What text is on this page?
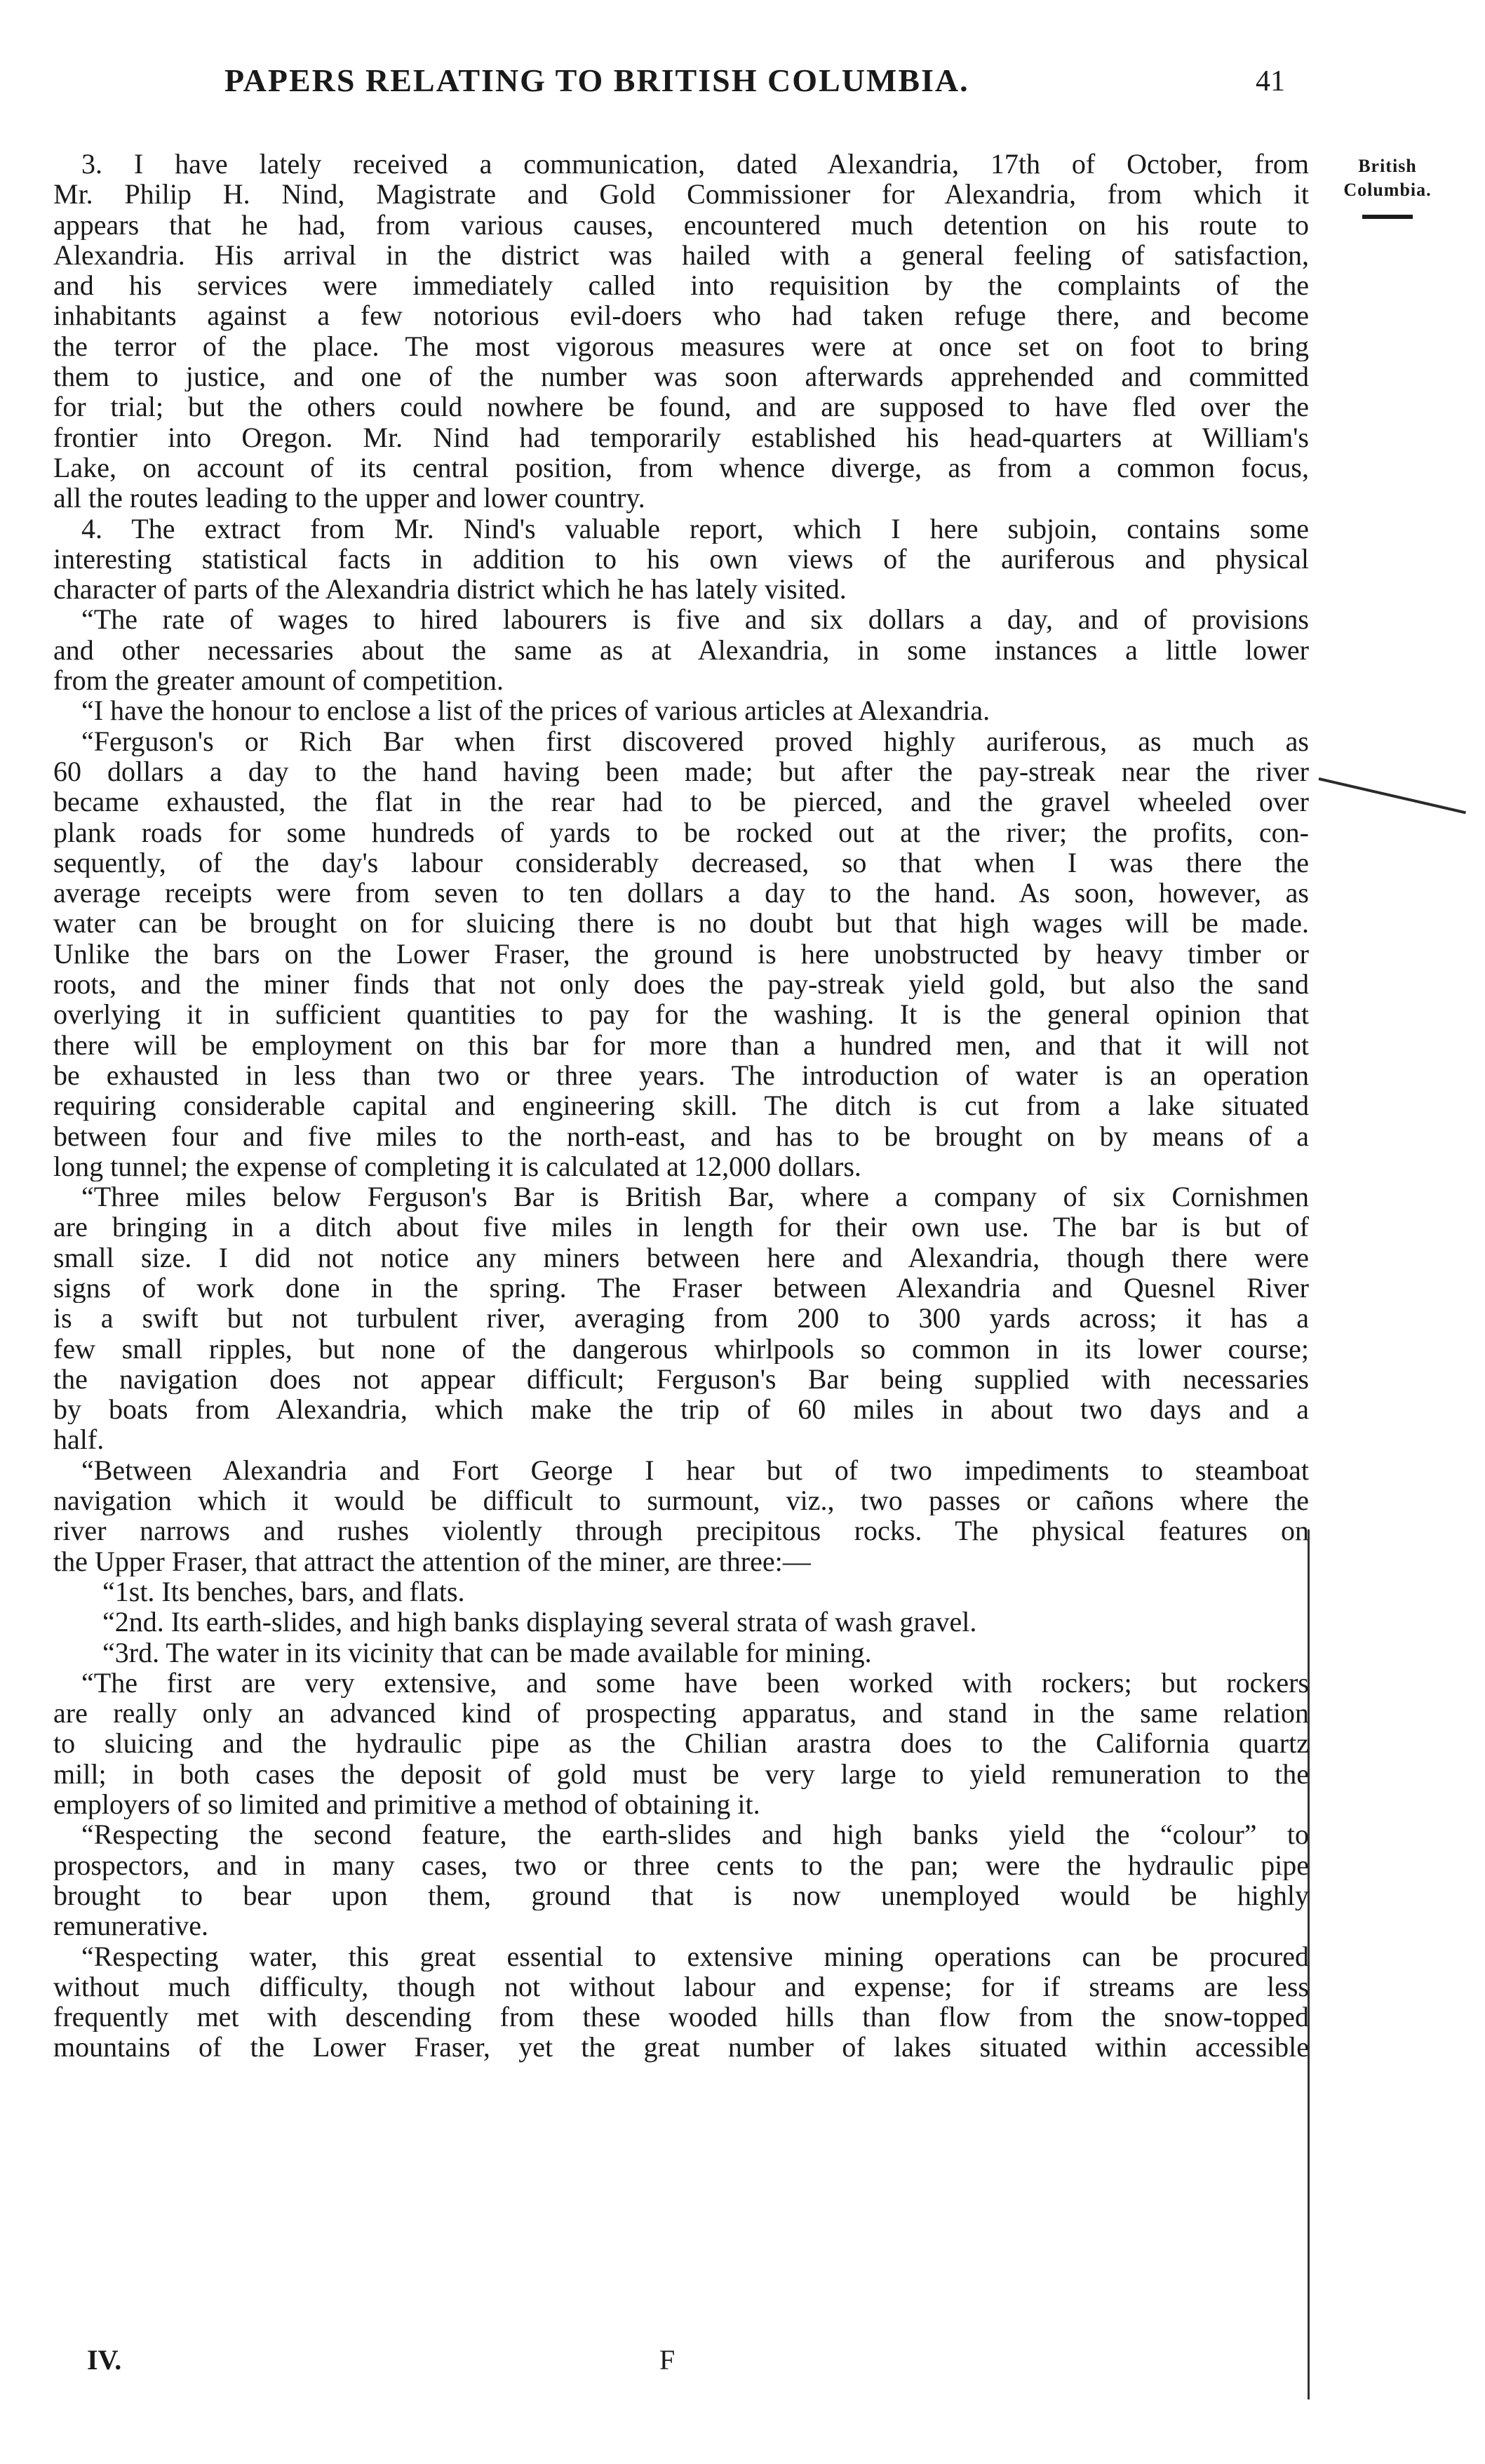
PAPERS RELATING TO BRITISH COLUMBIA.	41
British
Columbia.
3. I have lately received a communication, dated Alexandria, 17th of October, from
Mr. Philip H. Nind, Magistrate and Gold Commissioner for Alexandria, from which it
appears that he had, from various causes, encountered much detention on his route to
Alexandria. His arrival in the district was hailed with a general feeling of satisfaction,
and his services were immediately called into requisition by the complaints of the
inhabitants against a few notorious evil-doers who had taken refuge there, and become
the terror of the place. The most vigorous measures were at once set on foot to bring
them to justice, and one of the number was soon afterwards apprehended and committed
for trial; but the others could nowhere be found, and are supposed to have fled over the
frontier into Oregon. Mr. Nind had temporarily established his head-quarters at William's
Lake, on account of its central position, from whence diverge, as from a common focus,
all the routes leading to the upper and lower country.
4. The extract from Mr. Nind's valuable report, which I here subjoin, contains some
interesting statistical facts in addition to his own views of the auriferous and physical
character of parts of the Alexandria district which he has lately visited.
“The rate of wages to hired labourers is five and six dollars a day, and of provisions
and other necessaries about the same as at Alexandria, in some instances a little lower
from the greater amount of competition.
“I have the honour to enclose a list of the prices of various articles at Alexandria.
“Ferguson's or Rich Bar when first discovered proved highly auriferous, as much as
60 dollars a day to the hand having been made; but after the pay-streak near the river
became exhausted, the flat in the rear had to be pierced, and the gravel wheeled over
plank roads for some hundreds of yards to be rocked out at the river; the profits, con-
sequently, of the day's labour considerably decreased, so that when I was there the
average receipts were from seven to ten dollars a day to the hand. As soon, however, as
water can be brought on for sluicing there is no doubt but that high wages will be made.
Unlike the bars on the Lower Fraser, the ground is here unobstructed by heavy timber or
roots, and the miner finds that not only does the pay-streak yield gold, but also the sand
overlying it in sufficient quantities to pay for the washing. It is the general opinion that
there will be employment on this bar for more than a hundred men, and that it will not
be exhausted in less than two or three years. The introduction of water is an operation
requiring considerable capital and engineering skill. The ditch is cut from a lake situated
between four and five miles to the north-east, and has to be brought on by means of a
long tunnel; the expense of completing it is calculated at 12,000 dollars.
“Three miles below Ferguson's Bar is British Bar, where a company of six Cornishmen
are bringing in a ditch about five miles in length for their own use. The bar is but of
small size. I did not notice any miners between here and Alexandria, though there were
signs of work done in the spring. The Fraser between Alexandria and Quesnel River
is a swift but not turbulent river, averaging from 200 to 300 yards across; it has a
few small ripples, but none of the dangerous whirlpools so common in its lower course;
the navigation does not appear difficult; Ferguson's Bar being supplied with necessaries
by boats from Alexandria, which make the trip of 60 miles in about two days and a
half.
“Between Alexandria and Fort George I hear but of two impediments to steamboat
navigation which it would be difficult to surmount, viz., two passes or cañons where the
river narrows and rushes violently through precipitous rocks. The physical features on
the Upper Fraser, that attract the attention of the miner, are three:—
“1st. Its benches, bars, and flats.
“2nd. Its earth-slides, and high banks displaying several strata of wash gravel.
“3rd. The water in its vicinity that can be made available for mining.
“The first are very extensive, and some have been worked with rockers; but rockers
are really only an advanced kind of prospecting apparatus, and stand in the same relation
to sluicing and the hydraulic pipe as the Chilian arastra does to the California quartz
mill; in both cases the deposit of gold must be very large to yield remuneration to the
employers of so limited and primitive a method of obtaining it.
“Respecting the second feature, the earth-slides and high banks yield the “colour” to
prospectors, and in many cases, two or three cents to the pan; were the hydraulic pipe
brought to bear upon them, ground that is now unemployed would be highly
remunerative.
“Respecting water, this great essential to extensive mining operations can be procured
without much difficulty, though not without labour and expense; for if streams are less
frequently met with descending from these wooded hills than flow from the snow-topped
mountains of the Lower Fraser, yet the great number of lakes situated within accessible
IV.	F
